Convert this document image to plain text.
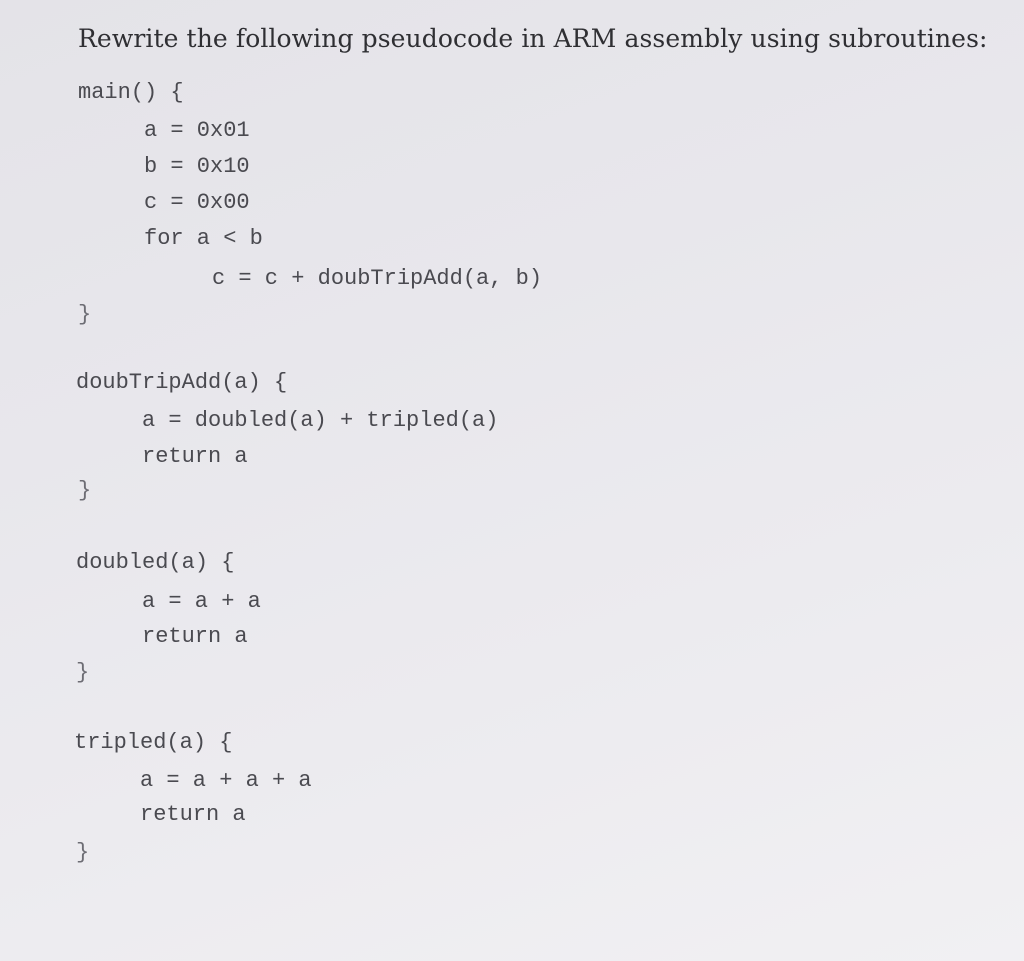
Rewrite the following pseudocode in ARM assembly using subroutines:
main() {
a = 0x01
b = 0x10
c = 0x00
for a < b
c = c + doubTripAdd(a, b)
}
doubTripAdd(a) {
a = doubled(a) + tripled(a)
return a
}
doubled(a) {
a = a + a
return a
}
tripled(a) {
a = a + a + a
return a
}
